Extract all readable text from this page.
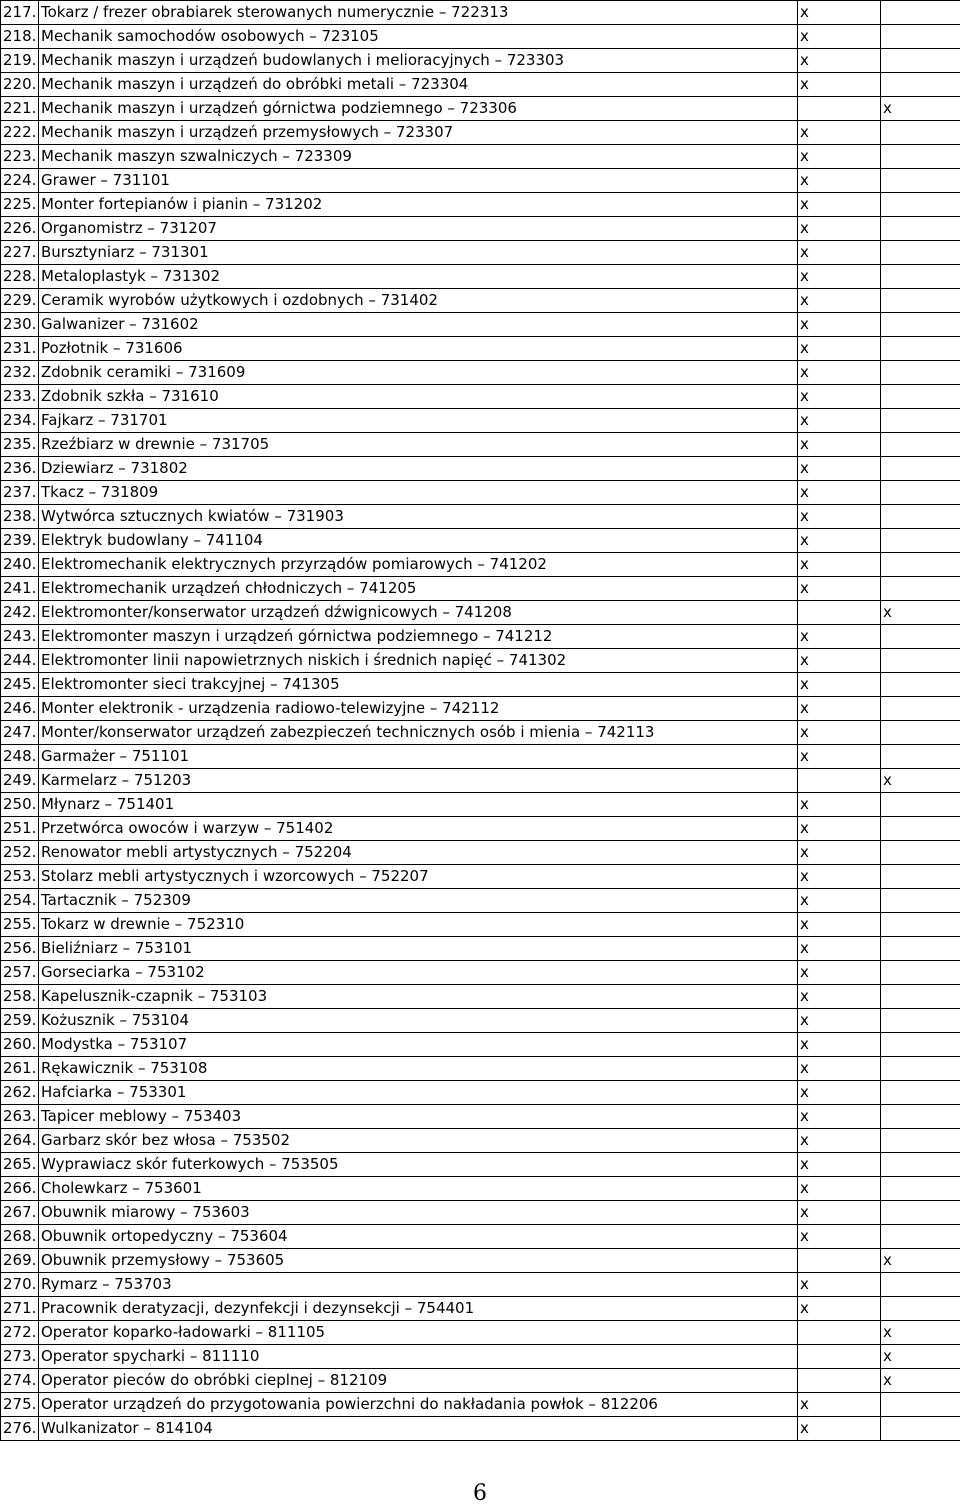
217.	Tokarz / frezer obrabiarek sterowanych numerycznie – 722313	x	
218.	Mechanik samochodów osobowych – 723105	x	
219.	Mechanik maszyn i urządzeń budowlanych i melioracyjnych – 723303	x	
220.	Mechanik maszyn i urządzeń do obróbki metali – 723304	x	
221.	Mechanik maszyn i urządzeń górnictwa podziemnego – 723306		x
222.	Mechanik maszyn i urządzeń przemysłowych – 723307	x	
223.	Mechanik maszyn szwalniczych – 723309	x	
224.	Grawer – 731101	x	
225.	Monter fortepianów i pianin – 731202	x	
226.	Organomistrz – 731207	x	
227.	Bursztyniarz – 731301	x	
228.	Metaloplastyk – 731302	x	
229.	Ceramik wyrobów użytkowych i ozdobnych – 731402	x	
230.	Galwanizer – 731602	x	
231.	Pozłotnik – 731606	x	
232.	Zdobnik ceramiki – 731609	x	
233.	Zdobnik szkła – 731610	x	
234.	Fajkarz – 731701	x	
235.	Rzeźbiarz w drewnie – 731705	x	
236.	Dziewiarz – 731802	x	
237.	Tkacz – 731809	x	
238.	Wytwórca sztucznych kwiatów – 731903	x	
239.	Elektryk budowlany – 741104	x	
240.	Elektromechanik elektrycznych przyrządów pomiarowych – 741202	x	
241.	Elektromechanik urządzeń chłodniczych – 741205	x	
242.	Elektromonter/konserwator urządzeń dźwignicowych – 741208		x
243.	Elektromonter maszyn i urządzeń górnictwa podziemnego – 741212	x	
244.	Elektromonter linii napowietrznych niskich i średnich napięć – 741302	x	
245.	Elektromonter sieci trakcyjnej – 741305	x	
246.	Monter elektronik - urządzenia radiowo-telewizyjne – 742112	x	
247.	Monter/konserwator urządzeń zabezpieczeń technicznych osób i mienia – 742113	x	
248.	Garmażer – 751101	x	
249.	Karmelarz – 751203		x
250.	Młynarz – 751401	x	
251.	Przetwórca owoców i warzyw – 751402	x	
252.	Renowator mebli artystycznych – 752204	x	
253.	Stolarz mebli artystycznych i wzorcowych – 752207	x	
254.	Tartacznik – 752309	x	
255.	Tokarz w drewnie – 752310	x	
256.	Bieliźniarz – 753101	x	
257.	Gorseciarka – 753102	x	
258.	Kapelusznik-czapnik – 753103	x	
259.	Kożusznik – 753104	x	
260.	Modystka – 753107	x	
261.	Rękawicznik – 753108	x	
262.	Hafciarka – 753301	x	
263.	Tapicer meblowy – 753403	x	
264.	Garbarz skór bez włosa – 753502	x	
265.	Wyprawiacz skór futerkowych – 753505	x	
266.	Cholewkarz – 753601	x	
267.	Obuwnik miarowy – 753603	x	
268.	Obuwnik ortopedyczny – 753604	x	
269.	Obuwnik przemysłowy – 753605		x
270.	Rymarz – 753703	x	
271.	Pracownik deratyzacji, dezynfekcji i dezynsekcji – 754401	x	
272.	Operator koparko-ładowarki – 811105		x
273.	Operator spycharki – 811110		x
274.	Operator pieców do obróbki cieplnej – 812109		x
275.	Operator urządzeń do przygotowania powierzchni do nakładania powłok – 812206	x	
276.	Wulkanizator – 814104	x	
6
